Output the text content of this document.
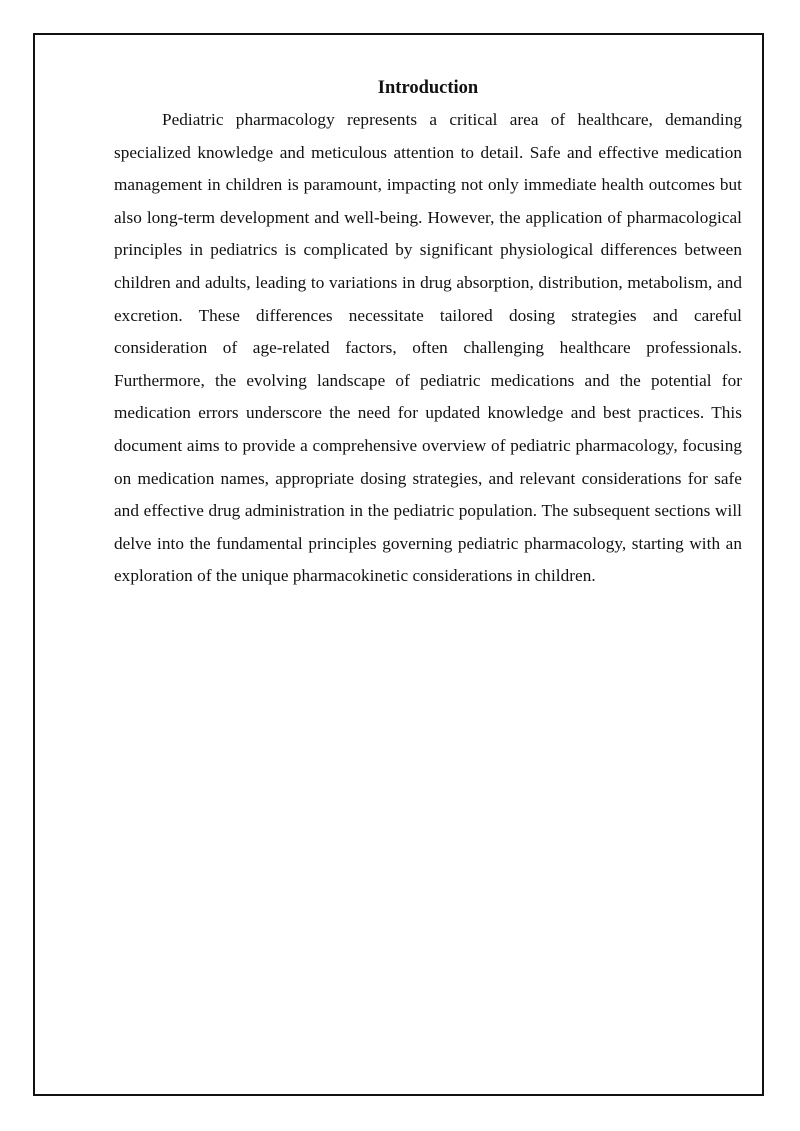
Introduction

Pediatric pharmacology represents a critical area of healthcare, demanding specialized knowledge and meticulous attention to detail. Safe and effective medication management in children is paramount, impacting not only immediate health outcomes but also long-term development and well-being. However, the application of pharmacological principles in pediatrics is complicated by significant physiological differences between children and adults, leading to variations in drug absorption, distribution, metabolism, and excretion. These differences necessitate tailored dosing strategies and careful consideration of age-related factors, often challenging healthcare professionals. Furthermore, the evolving landscape of pediatric medications and the potential for medication errors underscore the need for updated knowledge and best practices. This document aims to provide a comprehensive overview of pediatric pharmacology, focusing on medication names, appropriate dosing strategies, and relevant considerations for safe and effective drug administration in the pediatric population. The subsequent sections will delve into the fundamental principles governing pediatric pharmacology, starting with an exploration of the unique pharmacokinetic considerations in children.
